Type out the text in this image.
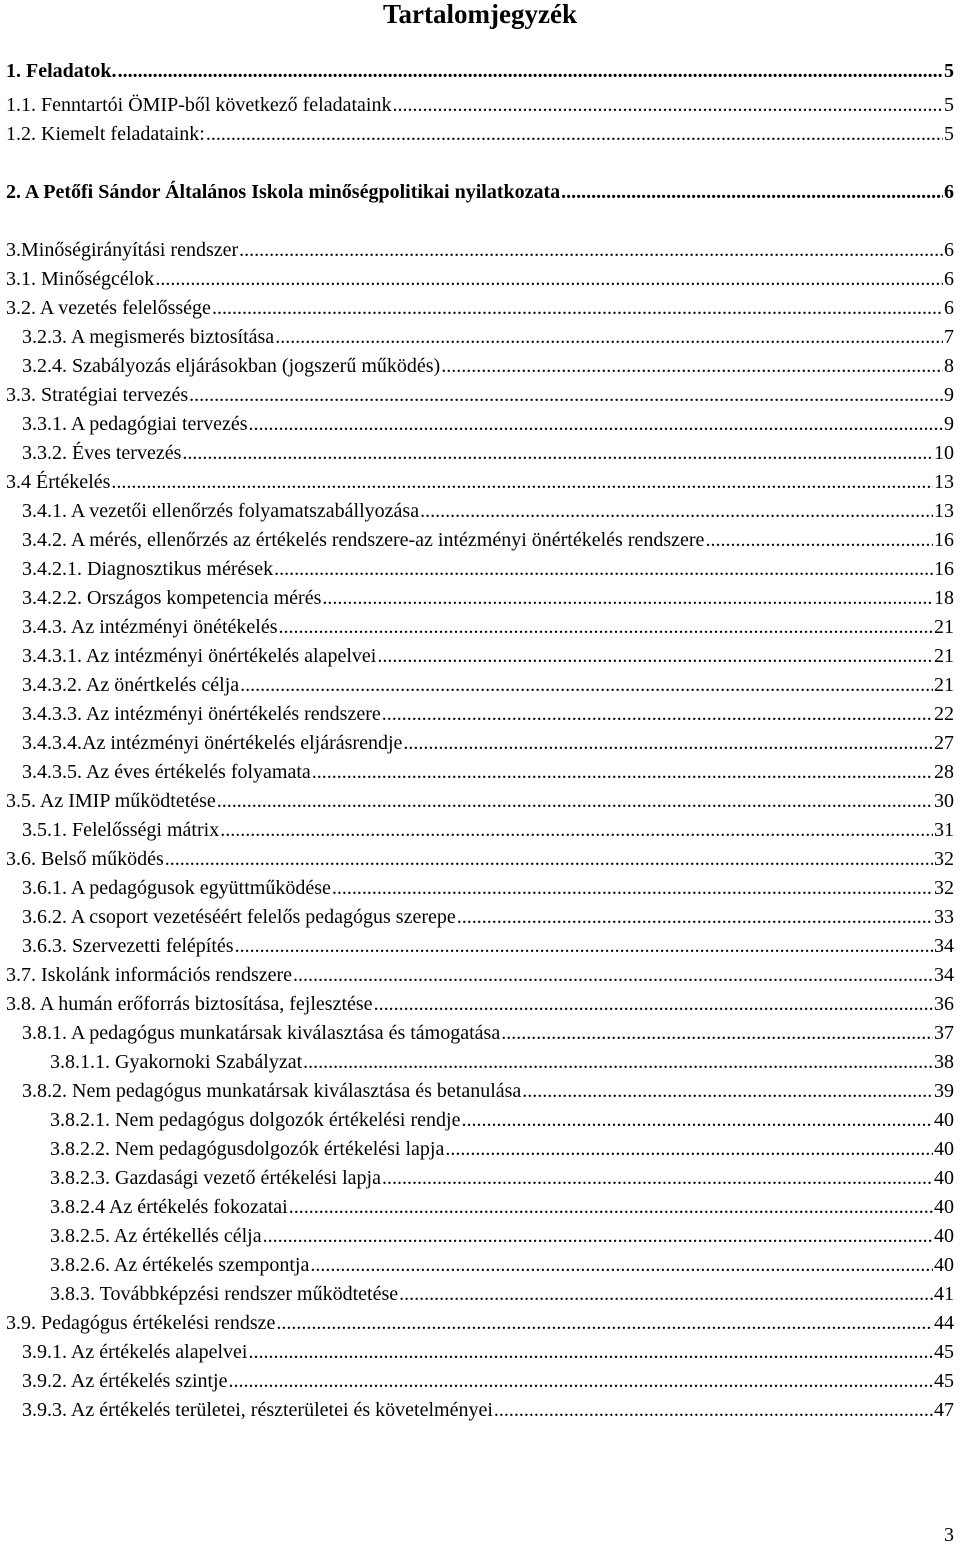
Tartalomjegyzék
1. Feladatok. .....	5
1.1. Fenntartói ÖMIP-ből következő feladataink .....	5
1.2. Kiemelt feladataink: .....	5
2. A Petőfi Sándor Általános Iskola minőségpolitikai nyilatkozata .....	6
3.Minőségirányítási rendszer .....	6
3.1. Minőségcélok .....	6
3.2. A vezetés felelőssége .....	6
3.2.3. A megismerés biztosítása .....	7
3.2.4. Szabályozás eljárásokban (jogszerű működés) .....	8
3.3. Stratégiai tervezés .....	9
3.3.1. A pedagógiai tervezés .....	9
3.3.2. Éves tervezés .....	10
3.4 Értékelés .....	13
3.4.1. A vezetői ellenőrzés folyamatszabállyozása .....	13
3.4.2. A mérés, ellenőrzés az értékelés rendszere-az intézményi önértékelés rendszere .....	16
3.4.2.1. Diagnosztikus mérések .....	16
3.4.2.2. Országos kompetencia mérés .....	18
3.4.3. Az intézményi önétékelés .....	21
3.4.3.1. Az intézményi önértékelés alapelvei .....	21
3.4.3.2. Az önértkelés célja .....	21
3.4.3.3. Az intézményi önértékelés rendszere .....	22
3.4.3.4.Az intézményi önértékelés eljárásrendje .....	27
3.4.3.5. Az éves értékelés folyamata .....	28
3.5. Az IMIP működtetése .....	30
3.5.1. Felelősségi mátrix .....	31
3.6. Belső működés .....	32
3.6.1. A pedagógusok együttműködése .....	32
3.6.2. A csoport vezetéséért felelős pedagógus szerepe .....	33
3.6.3. Szervezetti felépítés .....	34
3.7. Iskolánk információs rendszere .....	34
3.8. A humán erőforrás biztosítása, fejlesztése .....	36
3.8.1. A pedagógus munkatársak kiválasztása és támogatása .....	37
3.8.1.1. Gyakornoki Szabályzat .....	38
3.8.2. Nem pedagógus munkatársak kiválasztása és betanulása .....	39
3.8.2.1. Nem pedagógus dolgozók értékelési rendje .....	40
3.8.2.2. Nem pedagógusdolgozók értékelési lapja .....	40
3.8.2.3. Gazdasági vezető értékelési lapja .....	40
3.8.2.4 Az értékelés fokozatai .....	40
3.8.2.5. Az értékellés célja .....	40
3.8.2.6. Az értékelés szempontja .....	40
3.8.3. Továbbképzési rendszer működtetése .....	41
3.9. Pedagógus értékelési rendsze .....	44
3.9.1. Az értékelés alapelvei .....	45
3.9.2. Az értékelés szintje .....	45
3.9.3. Az értékelés területei, részterületei és követelményei .....	47
3
